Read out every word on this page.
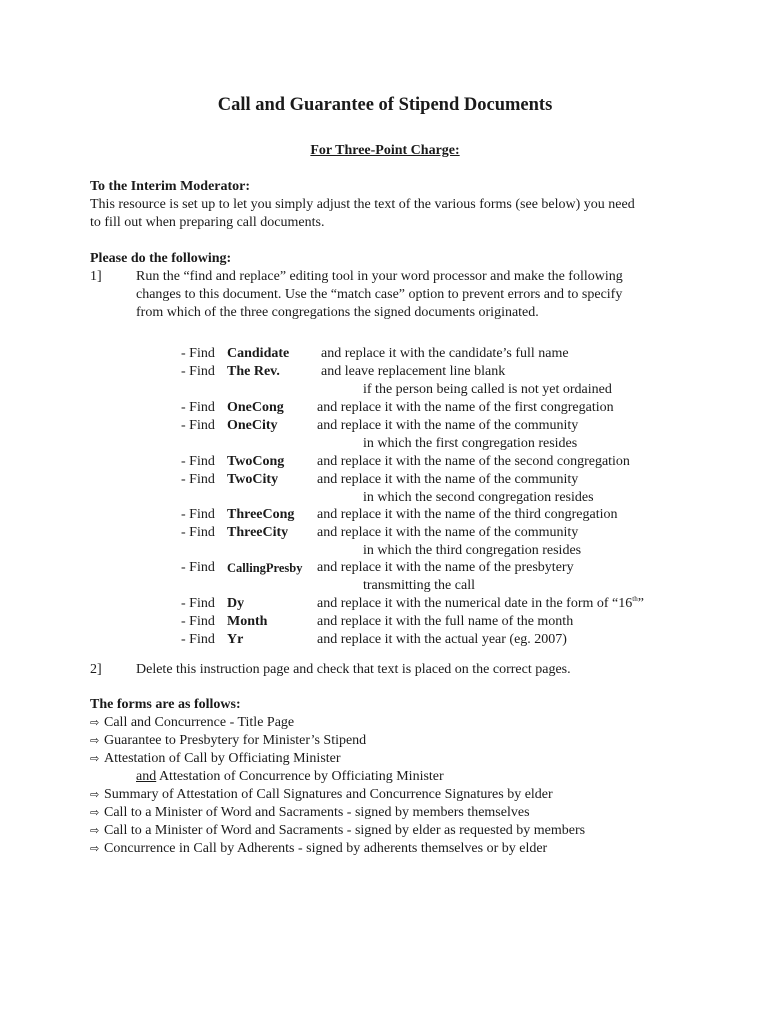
Call and Guarantee of Stipend Documents
For Three-Point Charge:
To the Interim Moderator:
This resource is set up to let you simply adjust the text of the various forms (see below) you need
to fill out when preparing call documents.
Please do the following:
1] Run the “find and replace” editing tool in your word processor and make the following
changes to this document. Use the “match case” option to prevent errors and to specify
from which of the three congregations the signed documents originated.
- Find Candidate and replace it with the candidate’s full name
- Find The Rev.	and leave replacement line blank
if the person being called is not yet ordained
- Find OneCong and replace it with the name of the first congregation
- Find OneCity	and replace it with the name of the community
in which the first congregation resides
- Find TwoCong and replace it with the name of the second congregation
- Find TwoCity	and replace it with the name of the community
in which the second congregation resides
- Find ThreeCong and replace it with the name of the third congregation
- Find ThreeCity and replace it with the name of the community
in which the third congregation resides
- Find CallingPresby and replace it with the name of the presbytery
transmitting the call
- Find Dy	and replace it with the numerical date in the form of “16th”
- Find Month	and replace it with the full name of the month
- Find Yr	and replace it with the actual year (eg. 2007)
2] Delete this instruction page and check that text is placed on the correct pages.
The forms are as follows:
⇨ Call and Concurrence - Title Page
⇨ Guarantee to Presbytery for Minister’s Stipend
⇨ Attestation of Call by Officiating Minister
and Attestation of Concurrence by Officiating Minister
⇨ Summary of Attestation of Call Signatures and Concurrence Signatures by elder
⇨ Call to a Minister of Word and Sacraments - signed by members themselves
⇨ Call to a Minister of Word and Sacraments - signed by elder as requested by members
⇨ Concurrence in Call by Adherents - signed by adherents themselves or by elder
